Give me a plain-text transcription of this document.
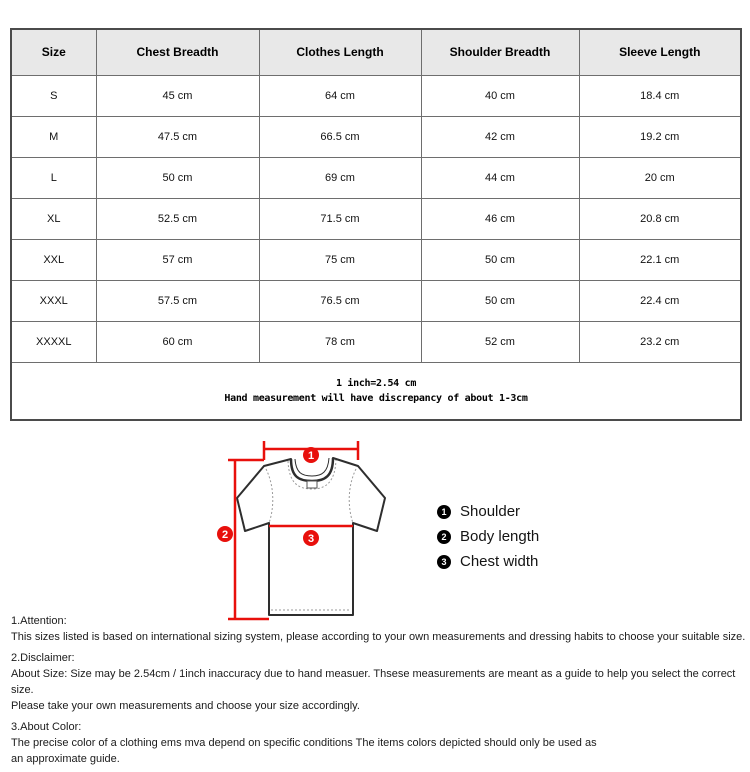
Size	Chest Breadth	Clothes Length	Shoulder Breadth	Sleeve Length
S	45 cm	64 cm	40 cm	18.4 cm
M	47.5 cm	66.5 cm	42 cm	19.2 cm
L	50 cm	69 cm	44 cm	20 cm
XL	52.5 cm	71.5 cm	46 cm	20.8 cm
XXL	57 cm	75 cm	50 cm	22.1 cm
XXXL	57.5 cm	76.5 cm	50 cm	22.4 cm
XXXXL	60 cm	78 cm	52 cm	23.2 cm

1 inch=2.54 cm
Hand measurement will have discrepancy of about 1-3cm				
1
2	3
1 Shoulder
2 Body length
3 Chest width
1.Attention:
This sizes listed is based on international sizing system, please according to your own measurements and dressing habits to choose your suitable size.
2.Disclaimer:
About Size: Size may be 2.54cm / 1inch inaccuracy due to hand measuer. Thsese measurements are meant as a guide to help you select the correct size.
Please take your own measurements and choose your size accordingly.
3.About Color:
The precise color of a clothing ems mva depend on specific conditions The items colors depicted should only be used as
an approximate guide.
